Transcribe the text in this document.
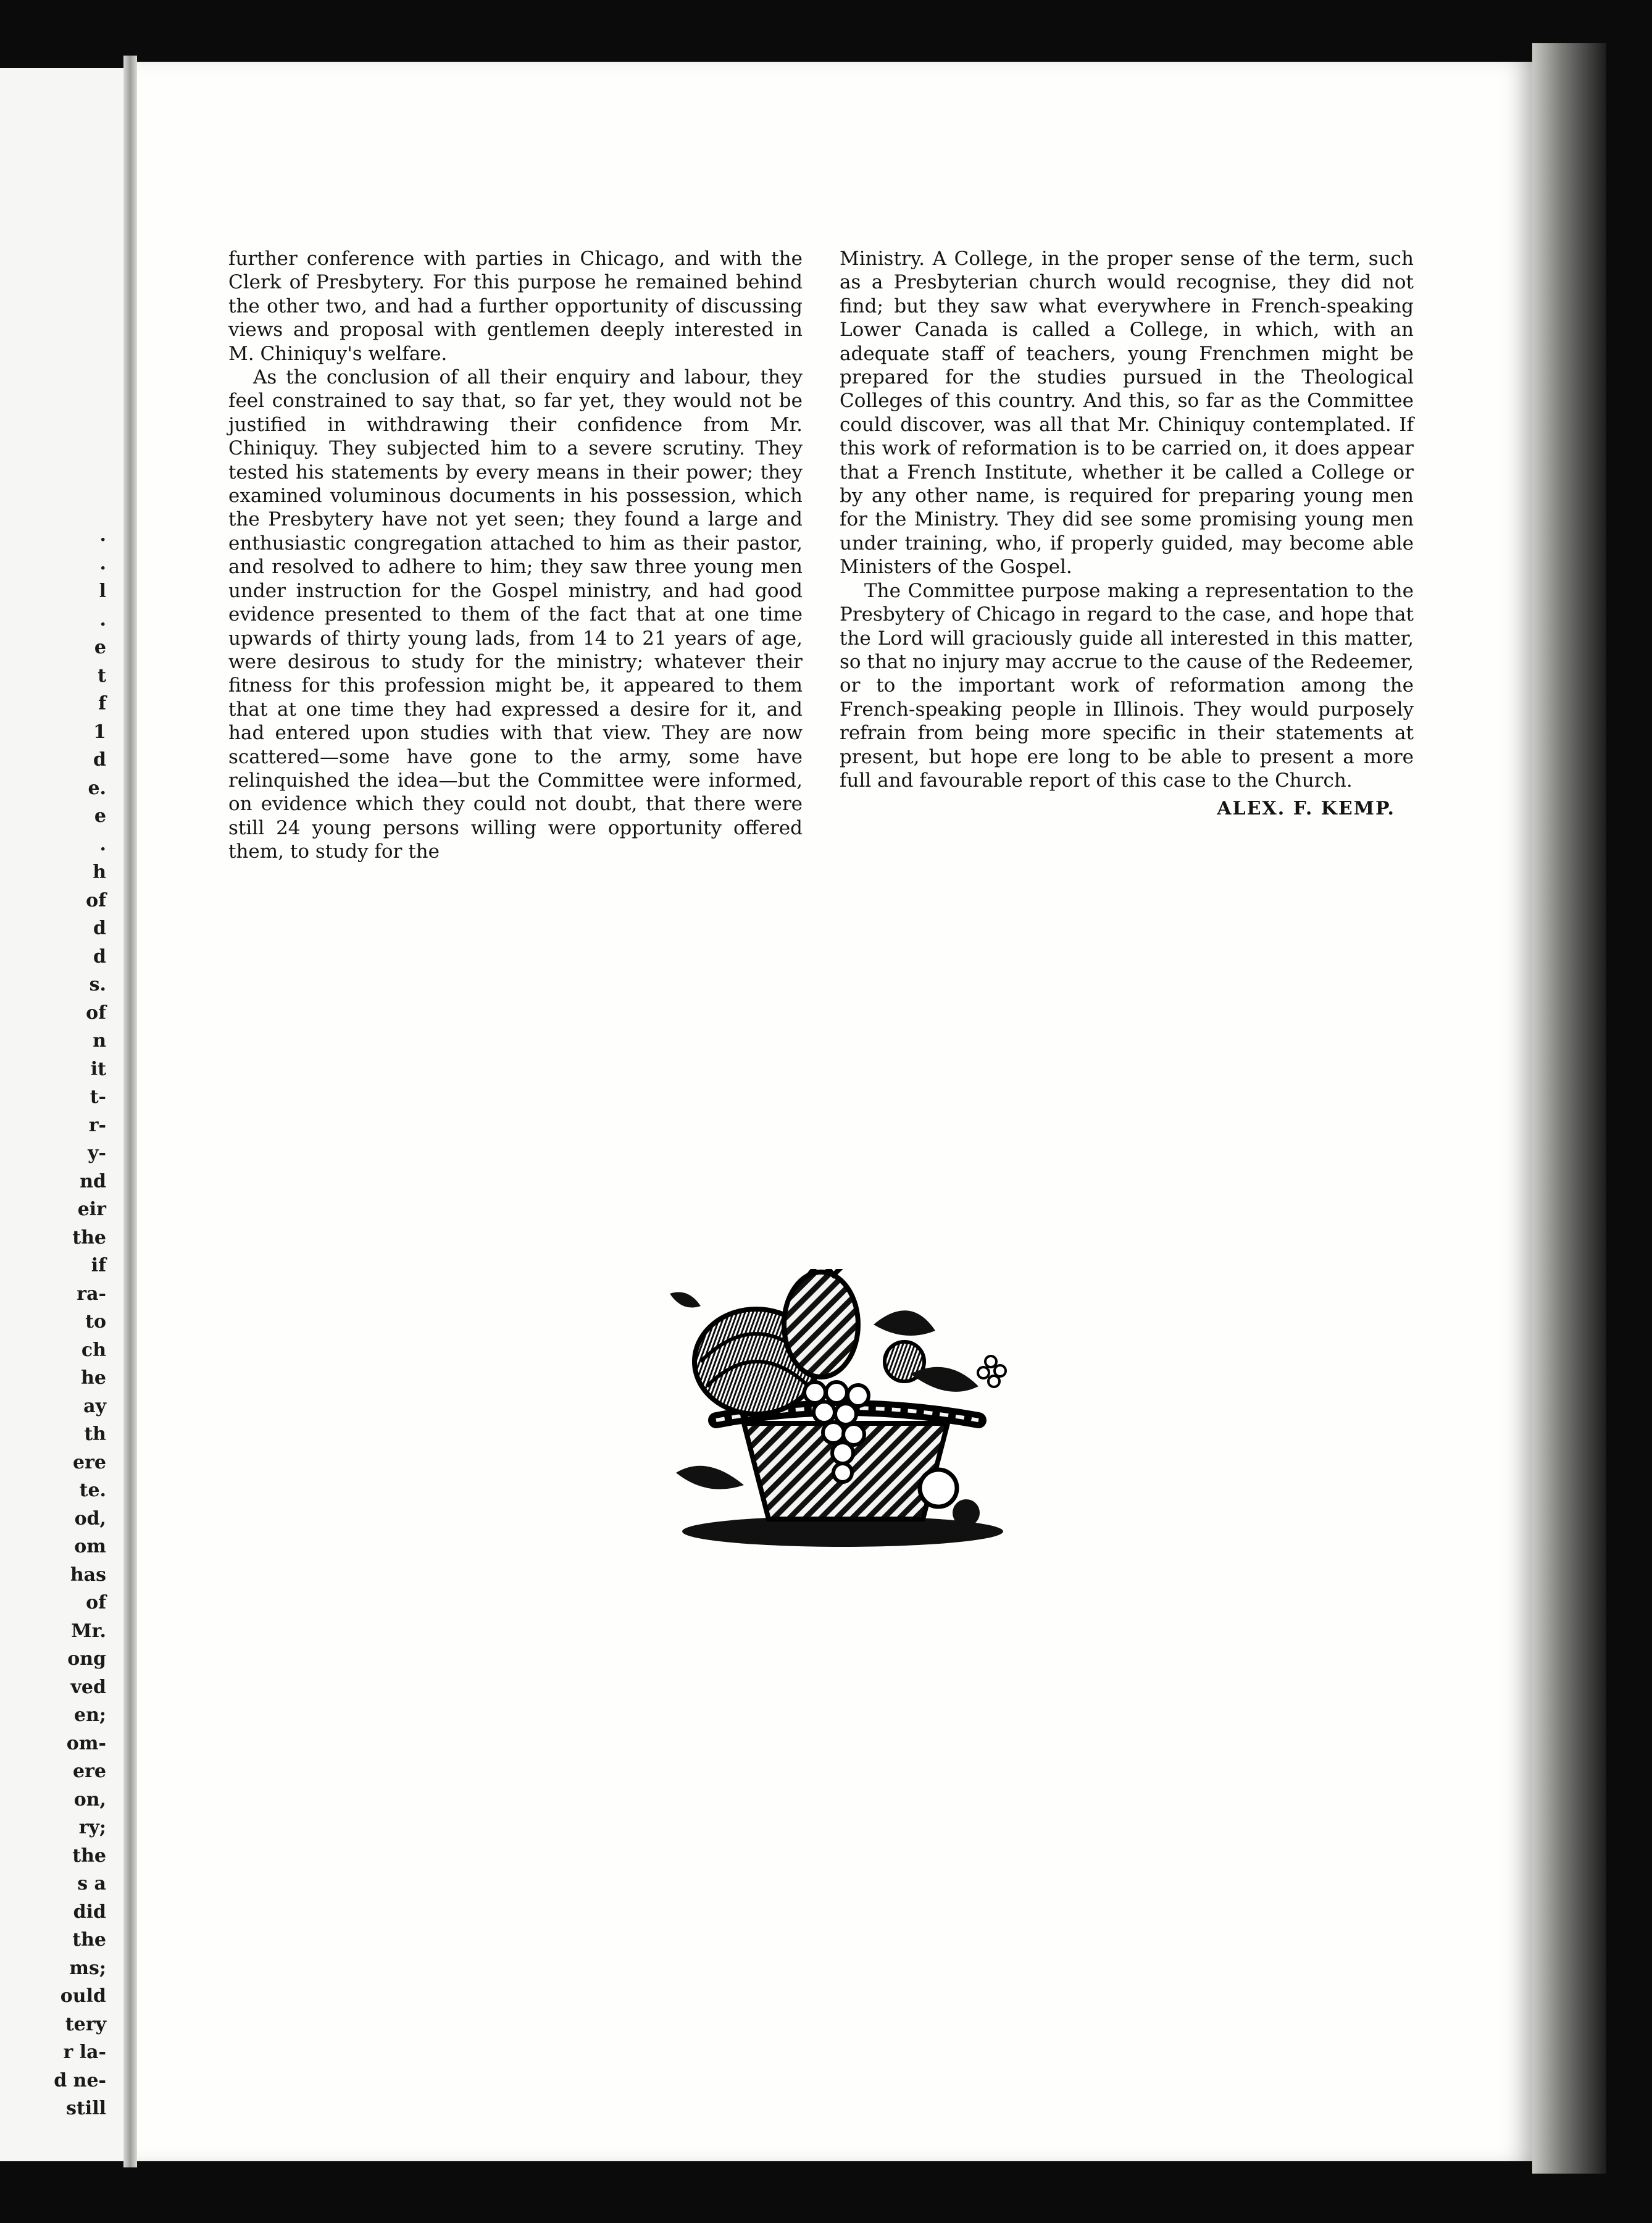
.
.
l
.
e
t
f
1
d
e.
e
.
h
of
d
d
s.
of
n
it
t-
r-
y-
nd
eir
the
if
ra-
to
ch
he
ay
th
ere
te.
od,
om
has
of
Mr.
ong
ved
en;
om-
ere
on,
ry;
the
s a
did
the
ms;
ould
tery
r la-
d ne-
still

further conference with parties in Chicago, and with the Clerk of Presbytery. For this purpose he remained behind the other two, and had a further opportunity of discussing views and proposal with gentlemen deeply interested in M. Chiniquy's welfare.

As the conclusion of all their enquiry and labour, they feel constrained to say that, so far yet, they would not be justified in withdrawing their confidence from Mr. Chiniquy. They subjected him to a severe scrutiny. They tested his statements by every means in their power; they examined voluminous documents in his possession, which the Presbytery have not yet seen; they found a large and enthusiastic congregation attached to him as their pastor, and resolved to adhere to him; they saw three young men under instruction for the Gospel ministry, and had good evidence presented to them of the fact that at one time upwards of thirty young lads, from 14 to 21 years of age, were desirous to study for the ministry; whatever their fitness for this profession might be, it appeared to them that at one time they had expressed a desire for it, and had entered upon studies with that view. They are now scattered—some have gone to the army, some have relinquished the idea—but the Committee were informed, on evidence which they could not doubt, that there were still 24 young persons willing were opportunity offered them, to study for the

Ministry. A College, in the proper sense of the term, such as a Presbyterian church would recognise, they did not find; but they saw what everywhere in French-speaking Lower Canada is called a College, in which, with an adequate staff of teachers, young Frenchmen might be prepared for the studies pursued in the Theological Colleges of this country. And this, so far as the Committee could discover, was all that Mr. Chiniquy contemplated. If this work of reformation is to be carried on, it does appear that a French Institute, whether it be called a College or by any other name, is required for preparing young men for the Ministry. They did see some promising young men under training, who, if properly guided, may become able Ministers of the Gospel.

The Committee purpose making a representation to the Presbytery of Chicago in regard to the case, and hope that the Lord will graciously guide all interested in this matter, so that no injury may accrue to the cause of the Redeemer, or to the important work of reformation among the French-speaking people in Illinois. They would purposely refrain from being more specific in their statements at present, but hope ere long to be able to present a more full and favourable report of this case to the Church.

ALEX. F. KEMP.
